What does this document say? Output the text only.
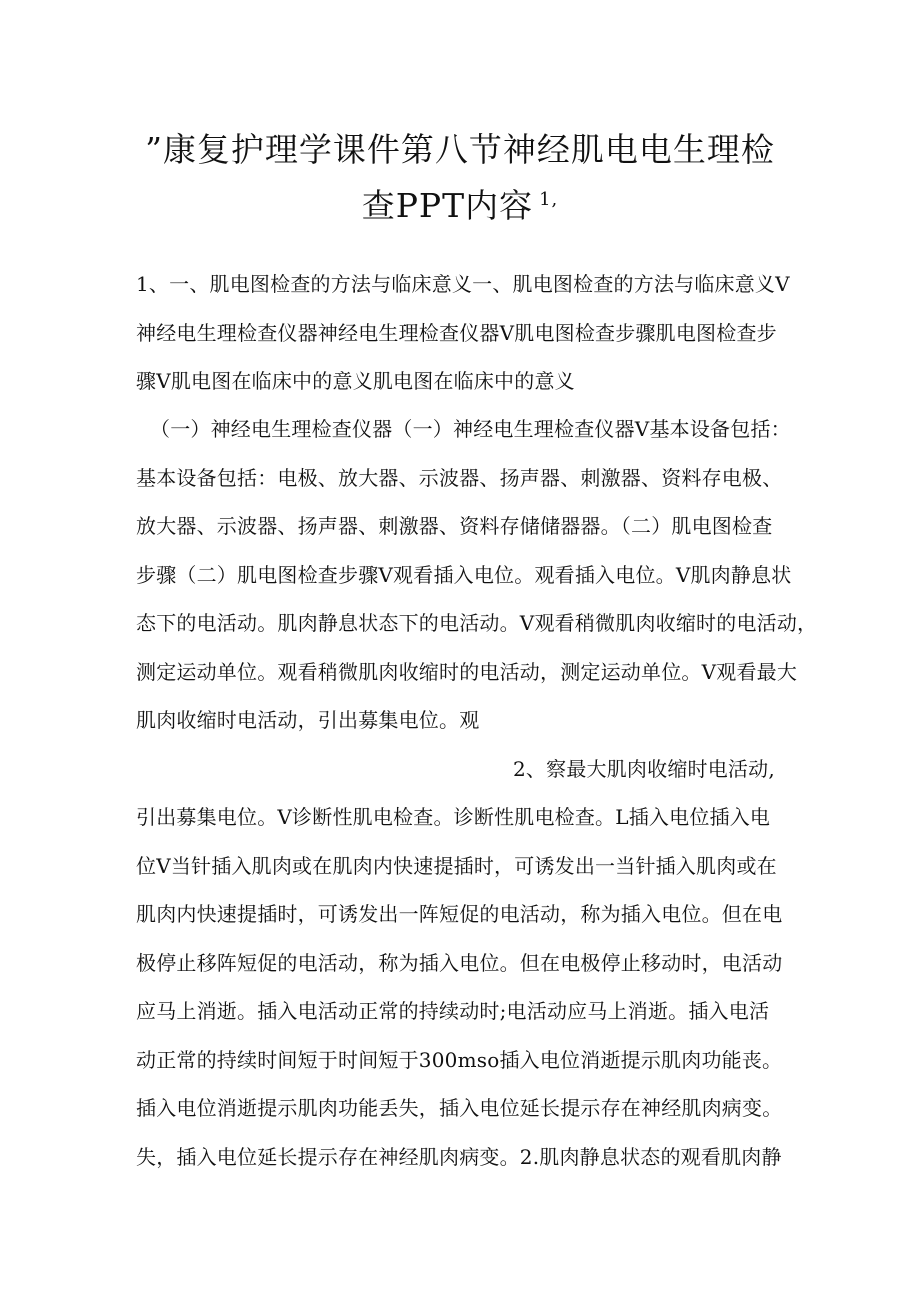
”康复护理学课件第八节神经肌电电生理检
查PPT内容 $^{1,}$
1、一、肌电图检查的方法与临床意义一、肌电图检查的方法与临床意义V
神经电生理检查仪器神经电生理检查仪器V肌电图检查步骤肌电图检查步
骤V肌电图在临床中的意义肌电图在临床中的意义
（一）神经电生理检查仪器（一）神经电生理检查仪器V基本设备包括：
基本设备包括：电极、放大器、示波器、扬声器、刺激器、资料存电极、
放大器、示波器、扬声器、刺激器、资料存储储器器。（二）肌电图检查
步骤（二）肌电图检查步骤V观看插入电位。观看插入电位。V肌肉静息状
态下的电活动。肌肉静息状态下的电活动。V观看稍微肌肉收缩时的电活动，
测定运动单位。观看稍微肌肉收缩时的电活动，测定运动单位。V观看最大
肌肉收缩时电活动，引出募集电位。观
2、察最大肌肉收缩时电活动,
引出募集电位。V诊断性肌电检查。诊断性肌电检查。L插入电位插入电
位V当针插入肌肉或在肌肉内快速提插时，可诱发出一当针插入肌肉或在
肌肉内快速提插时，可诱发出一阵短促的电活动，称为插入电位。但在电
极停止移阵短促的电活动，称为插入电位。但在电极停止移动时，电活动
应马上消逝。插入电活动正常的持续动时;电活动应马上消逝。插入电活
动正常的持续时间短于时间短于300mso插入电位消逝提示肌肉功能丧。
插入电位消逝提示肌肉功能丢失，插入电位延长提示存在神经肌肉病变。
失，插入电位延长提示存在神经肌肉病变。2.肌肉静息状态的观看肌肉静
